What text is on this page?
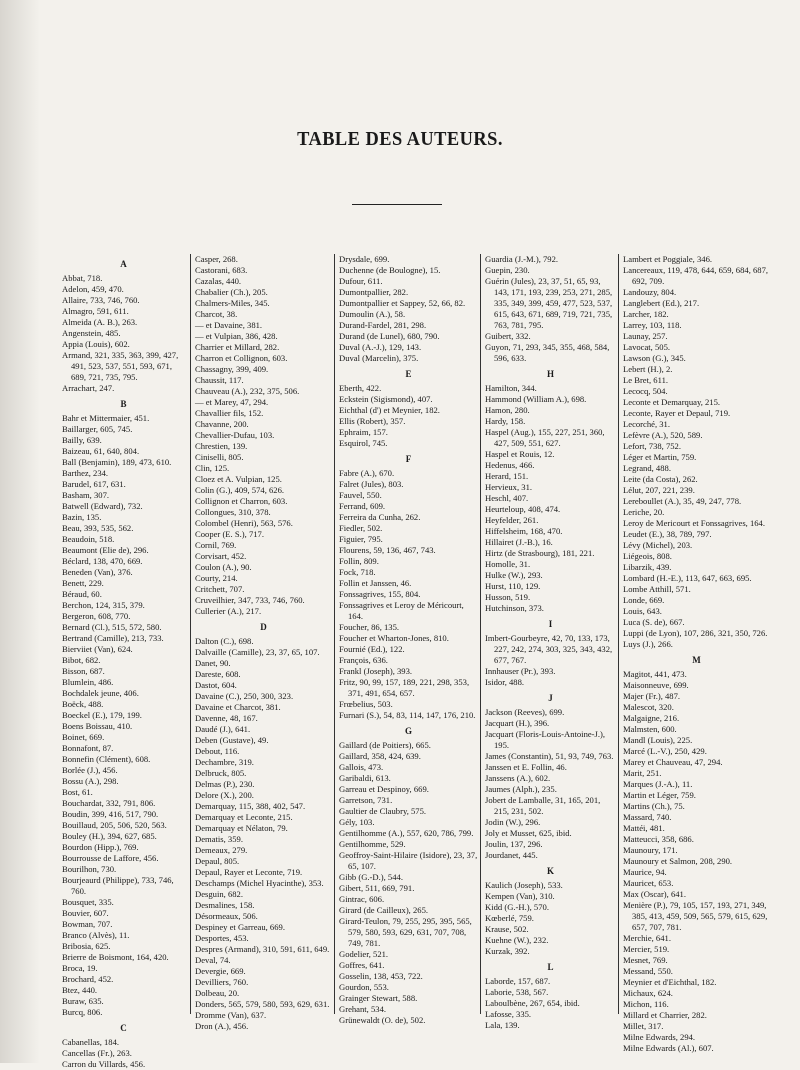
TABLE DES AUTEURS.
A
Abbat, 718.
Adelon, 459, 470.
Allaire, 733, 746, 760.
Almagro, 591, 611.
Almeida (A. B.), 263.
Angenstein, 485.
Appia (Louis), 602.
Armand, 321, 335, 363, 399, 427, 491, 523, 537, 551, 593, 671, 689, 721, 735, 795.
Arrachart, 247.
B
Bahr et Mittermaier, 451.
Baillarger, 605, 745.
Bailly, 639.
Baizeau, 61, 640, 804.
Ball (Benjamin), 189, 473, 610.
Barthez, 234.
Barudel, 617, 631.
Basham, 307.
Batwell (Edward), 732.
Bazin, 135.
Beau, 393, 535, 562.
Beaudoin, 518.
Beaumont (Elie de), 296.
Béclard, 138, 470, 669.
Beneden (Van), 376.
Benett, 229.
Béraud, 60.
Berchon, 124, 315, 379.
Bergeron, 608, 770.
Bernard (Cl.), 515, 572, 580.
Bertrand (Camille), 213, 733.
Bierviiet (Van), 624.
Bibot, 682.
Bisson, 687.
Blumlein, 486.
Bochdalek jeune, 406.
Boëck, 488.
Boeckel (E.), 179, 199.
Boens Boissau, 410.
Boinet, 669.
Bonnafont, 87.
Bonnefin (Clément), 608.
Borlée (J.), 456.
Bossu (A.), 298.
Bost, 61.
Bouchardat, 332, 791, 806.
Boudin, 399, 416, 517, 790.
Bouillaud, 205, 506, 520, 563.
Bouley (H.), 394, 627, 685.
Bourdon (Hipp.), 769.
Bourrousse de Laffore, 456.
Bourilhon, 730.
Bourjeaurd (Philippe), 733, 746, 760.
Bousquet, 335.
Bouvier, 607.
Bowman, 707.
Branco (Alvès), 11.
Bribosia, 625.
Brierre de Boismont, 164, 420.
Broca, 19.
Brochard, 452.
Btez, 440.
Buraw, 635.
Burcq, 806.
C
Cabanellas, 184.
Cancellas (Fr.), 263.
Carron du Villards, 456.
Casper, 268.
Castorani, 683.
Cazalas, 440.
Chabalier (Ch.), 205.
Chalmers-Miles, 345.
Charcot, 38.
— et Davaine, 381.
— et Vulpian, 386, 428.
Charrier et Millard, 282.
Charron et Collignon, 603.
Chassagny, 399, 409.
Chaussit, 117.
Chauveau (A.), 232, 375, 506.
— et Marey, 47, 294.
Chavallier fils, 152.
Chavanne, 200.
Chevallier-Dufau, 103.
Chrestien, 139.
Ciniselli, 805.
Clin, 125.
Cloez et A. Vulpian, 125.
Colin (G.), 409, 574, 626.
Collignon et Charron, 603.
Collongues, 310, 378.
Colombel (Henri), 563, 576.
Cooper (E. S.), 717.
Cornil, 769.
Corvisart, 452.
Coulon (A.), 90.
Courty, 214.
Critchett, 707.
Cruveilhier, 347, 733, 746, 760.
Cullerier (A.), 217.
D
Dalton (C.), 698.
Dalvaille (Camille), 23, 37, 65, 107.
Danet, 90.
Dareste, 608.
Dastot, 604.
Davaine (C.), 250, 300, 323.
Davaine et Charcot, 381.
Davenne, 48, 167.
Daudé (J.), 641.
Deben (Gustave), 49.
Debout, 116.
Dechambre, 319.
Delbruck, 805.
Delmas (P.), 230.
Delore (X.), 200.
Demarquay, 115, 388, 402, 547.
Demarquay et Leconte, 215.
Demarquay et Nélaton, 79.
Dematis, 359.
Demeaux, 279.
Depaul, 805.
Depaul, Rayer et Leconte, 719.
Deschamps (Michel Hyacinthe), 353.
Desguin, 682.
Desmalines, 158.
Désormeaux, 506.
Despiney et Garreau, 669.
Desportes, 453.
Despres (Armand), 310, 591, 611, 649.
Deval, 74.
Devergie, 669.
Devilliers, 760.
Dolbeau, 20.
Donders, 565, 579, 580, 593, 629, 631.
Dromme (Van), 637.
Dron (A.), 456.
Drysdale, 699.
Duchenne (de Boulogne), 15.
Dufour, 611.
Dumontpallier, 282.
Dumontpallier et Sappey, 52, 66, 82.
Dumoulin (A.), 58.
Durand-Fardel, 281, 298.
Durand (de Lunel), 680, 790.
Duval (A.-J.), 129, 143.
Duval (Marcelin), 375.
E
Eberth, 422.
Eckstein (Sigismond), 407.
Eichthal (d') et Meynier, 182.
Ellis (Robert), 357.
Ephraim, 157.
Esquirol, 745.
F
Fabre (A.), 670.
Falret (Jules), 803.
Fauvel, 550.
Ferrand, 609.
Ferreira da Cunha, 262.
Fiedler, 502.
Figuier, 795.
Flourens, 59, 136, 467, 743.
Follin, 809.
Fock, 718.
Follin et Janssen, 46.
Fonssagrives, 155, 804.
Fonssagrives et Leroy de Méricourt, 164.
Foucher, 86, 135.
Foucher et Wharton-Jones, 810.
Fournié (Ed.), 122.
François, 636.
Frankl (Joseph), 393.
Fritz, 90, 99, 157, 189, 221, 298, 353, 371, 491, 654, 657.
Frœbelius, 503.
Furnari (S.), 54, 83, 114, 147, 176, 210.
G
Gaillard (de Poitiers), 665.
Gaillard, 358, 424, 639.
Gallois, 473.
Garibaldi, 613.
Garreau et Despinoy, 669.
Garretson, 731.
Gaultier de Claubry, 575.
Gély, 103.
Gentilhomme (A.), 557, 620, 786, 799.
Gentilhomme, 529.
Geoffroy-Saint-Hilaire (Isidore), 23, 37, 65, 107.
Gibb (G.-D.), 544.
Gibert, 511, 669, 791.
Gintrac, 606.
Girard (de Cailleux), 265.
Girard-Teulon, 79, 255, 295, 395, 565, 579, 580, 593, 629, 631, 707, 708, 749, 781.
Godelier, 521.
Goffres, 641.
Gosselin, 138, 453, 722.
Gourdon, 553.
Grainger Stewart, 588.
Grehant, 534.
Grünewaldt (O. de), 502.
Guardia (J.-M.), 792.
Guepin, 230.
Guérin (Jules), 23, 37, 51, 65, 93, 143, 171, 193, 239, 253, 271, 285, 335, 349, 399, 459, 477, 523, 537, 615, 643, 671, 689, 719, 721, 735, 763, 781, 795.
Guibert, 332.
Guyon, 71, 293, 345, 355, 468, 584, 596, 633.
H
Hamilton, 344.
Hammond (William A.), 698.
Hamon, 280.
Hardy, 158.
Haspel (Aug.), 155, 227, 251, 360, 427, 509, 551, 627.
Haspel et Rouis, 12.
Hedenus, 466.
Herard, 151.
Hervieux, 31.
Heschl, 407.
Heurteloup, 408, 474.
Heyfelder, 261.
Hiffelsheim, 168, 470.
Hillairet (J.-B.), 16.
Hirtz (de Strasbourg), 181, 221.
Homolle, 31.
Hulke (W.), 293.
Hurst, 110, 129.
Husson, 519.
Hutchinson, 373.
I
Imbert-Gourbeyre, 42, 70, 133, 173, 227, 242, 274, 303, 325, 343, 432, 677, 767.
Innhauser (Pr.), 393.
Isidor, 488.
J
Jackson (Reeves), 699.
Jacquart (H.), 396.
Jacquart (Floris-Louis-Antoine-J.), 195.
James (Constantin), 51, 93, 749, 763.
Janssen et E. Follin, 46.
Janssens (A.), 602.
Jaumes (Alph.), 235.
Jobert de Lamballe, 31, 165, 201, 215, 231, 502.
Jodin (W.), 296.
Joly et Musset, 625, ibid.
Joulin, 137, 296.
Jourdanet, 445.
K
Kaulich (Joseph), 533.
Kempen (Van), 310.
Kidd (G.-H.), 570.
Kœberlé, 759.
Krause, 502.
Kuehne (W.), 232.
Kurzak, 392.
L
Laborde, 157, 687.
Laborie, 538, 567.
Laboulbène, 267, 654, ibid.
Lafosse, 335.
Lala, 139.
Lambert et Poggiale, 346.
Lancereaux, 119, 478, 644, 659, 684, 687, 692, 709.
Landouzy, 804.
Langlebert (Ed.), 217.
Larcher, 182.
Larrey, 103, 118.
Launay, 257.
Lavocat, 505.
Lawson (G.), 345.
Lebert (H.), 2.
Le Bret, 611.
Lecocq, 504.
Leconte et Demarquay, 215.
Leconte, Rayer et Depaul, 719.
Lecorché, 31.
Lefèvre (A.), 520, 589.
Lefort, 738, 752.
Léger et Martin, 759.
Legrand, 488.
Leite (da Costa), 262.
Lélut, 207, 221, 239.
Lereboullet (A.), 35, 49, 247, 778.
Leriche, 20.
Leroy de Mericourt et Fonssagrives, 164.
Leudet (E.), 38, 789, 797.
Lévy (Michel), 203.
Liégeois, 808.
Libarzik, 439.
Lombard (H.-E.), 113, 647, 663, 695.
Lombe Atthill, 571.
Londe, 669.
Louis, 643.
Luca (S. de), 667.
Luppi (de Lyon), 107, 286, 321, 350, 726.
Luys (J.), 266.
M
Magitot, 441, 473.
Maisonneuve, 699.
Majer (Fr.), 487.
Malescot, 320.
Malgaigne, 216.
Malmsten, 600.
Mandl (Louis), 225.
Marcé (L.-V.), 250, 429.
Marey et Chauveau, 47, 294.
Marit, 251.
Marques (J.-A.), 11.
Martin et Léger, 759.
Martins (Ch.), 75.
Massard, 740.
Mattéi, 481.
Matteucci, 358, 686.
Maunoury, 171.
Maunoury et Salmon, 208, 290.
Maurice, 94.
Mauricet, 653.
Max (Oscar), 641.
Menière (P.), 79, 105, 157, 193, 271, 349, 385, 413, 459, 509, 565, 579, 615, 629, 657, 707, 781.
Merchie, 641.
Mercier, 519.
Mesnet, 769.
Messand, 550.
Meynier et d'Eichthal, 182.
Michaux, 624.
Michon, 116.
Millard et Charrier, 282.
Millet, 317.
Milne Edwards, 294.
Milne Edwards (Al.), 607.
